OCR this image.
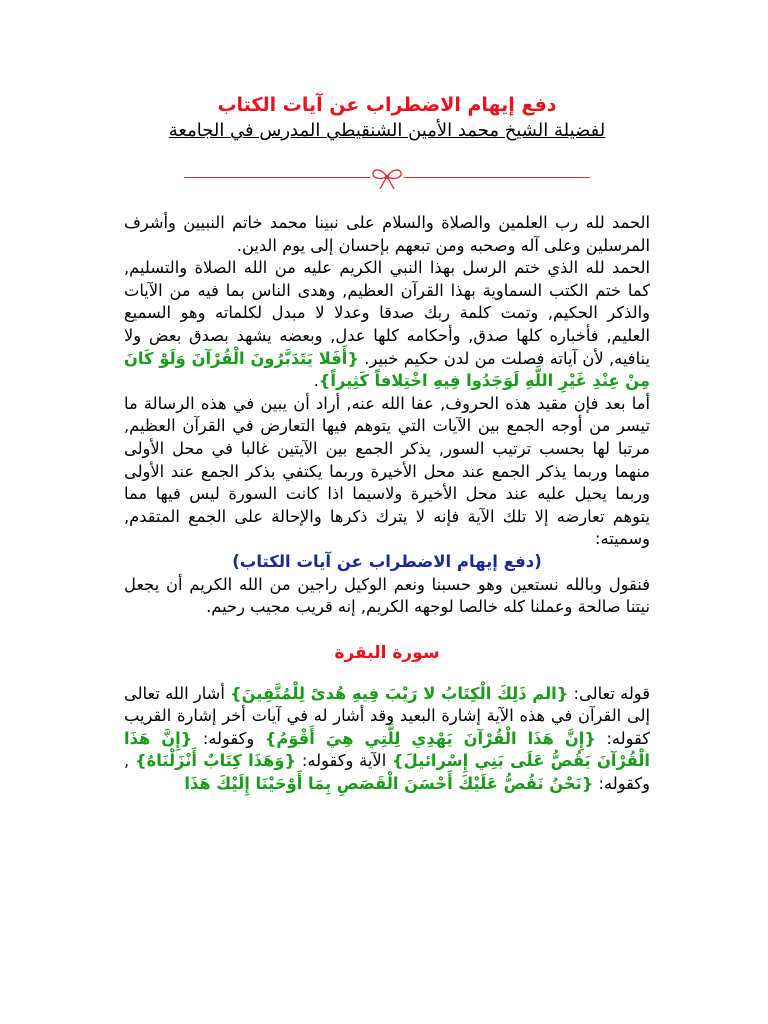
دفع إيهام الاضطراب عن آيات الكتاب

لفضيلة الشيخ محمد الأمين الشنقيطي المدرس في الجامعة

الحمد لله رب العلمين والصلاة والسلام على نبينا محمد خاتم النبيين وأشرف المرسلين وعلى آله وصحبه ومن تبعهم بإحسان إلى يوم الدين.

الحمد لله الذي ختم الرسل بهذا النبي الكريم عليه من الله الصلاة والتسليم, كما ختم الكتب السماوية بهذا القرآن العظيم, وهدى الناس بما فيه من الآيات والذكر الحكيم, وتمت كلمة ربك صدقا وعدلا لا مبدل لكلماته وهو السميع العليم, فأخباره كلها صدق, وأحكامه كلها عدل, وبعضه يشهد بصدق بعض ولا ينافيه, لأن آياته فصلت من لدن حكيم خبير. {أَفَلا يَتَدَبَّرُونَ الْقُرْآنَ وَلَوْ كَانَ مِنْ عِنْدِ غَيْرِ اللَّهِ لَوَجَدُوا فِيهِ اخْتِلافاً كَثِيراً}.

أما بعد فإن مقيد هذه الحروف, عفا الله عنه, أراد أن يبين في هذه الرسالة ما تيسر من أوجه الجمع بين الآيات التي يتوهم فيها التعارض في القرآن العظيم, مرتبا لها بحسب ترتيب السور, يذكر الجمع بين الآيتين غالبا في محل الأولى منهما وربما يذكر الجمع عند محل الأخيرة وربما يكتفي بذكر الجمع عند الأولى وربما يحيل عليه عند محل الأخيرة ولاسيما اذا كانت السورة ليس فيها مما يتوهم تعارضه إلا تلك الآية فإنه لا يترك ذكرها والإحالة على الجمع المتقدم, وسميته:

(دفع إيهام الاضطراب عن آيات الكتاب)

فنقول وبالله نستعين وهو حسبنا ونعم الوكيل راجين من الله الكريم أن يجعل نيتنا صالحة وعملنا كله خالصا لوجهه الكريم, إنه قريب مجيب رحيم.

سورة البقرة

قوله تعالى: {الم ذَلِكَ الْكِتَابُ لا رَيْبَ فِيهِ هُدىً لِلْمُتَّقِينَ} أشار الله تعالى إلى القرآن في هذه الآية إشارة البعيد وقد أشار له في آيات أخر إشارة القريب كقوله: {إِنَّ هَذَا الْقُرْآنَ يَهْدِي لِلَّتِي هِيَ أَقْوَمُ} وكقوله: {إِنَّ هَذَا الْقُرْآنَ يَقُصُّ عَلَى بَنِي إِسْرائيلَ} الآية وكقوله: {وَهَذَا كِتَابٌ أَنْزَلْنَاهُ} , وكقوله: {نَحْنُ نَقُصُّ عَلَيْكَ أَحْسَنَ الْقَصَصِ بِمَا أَوْحَيْنَا إِلَيْكَ هَذَا
